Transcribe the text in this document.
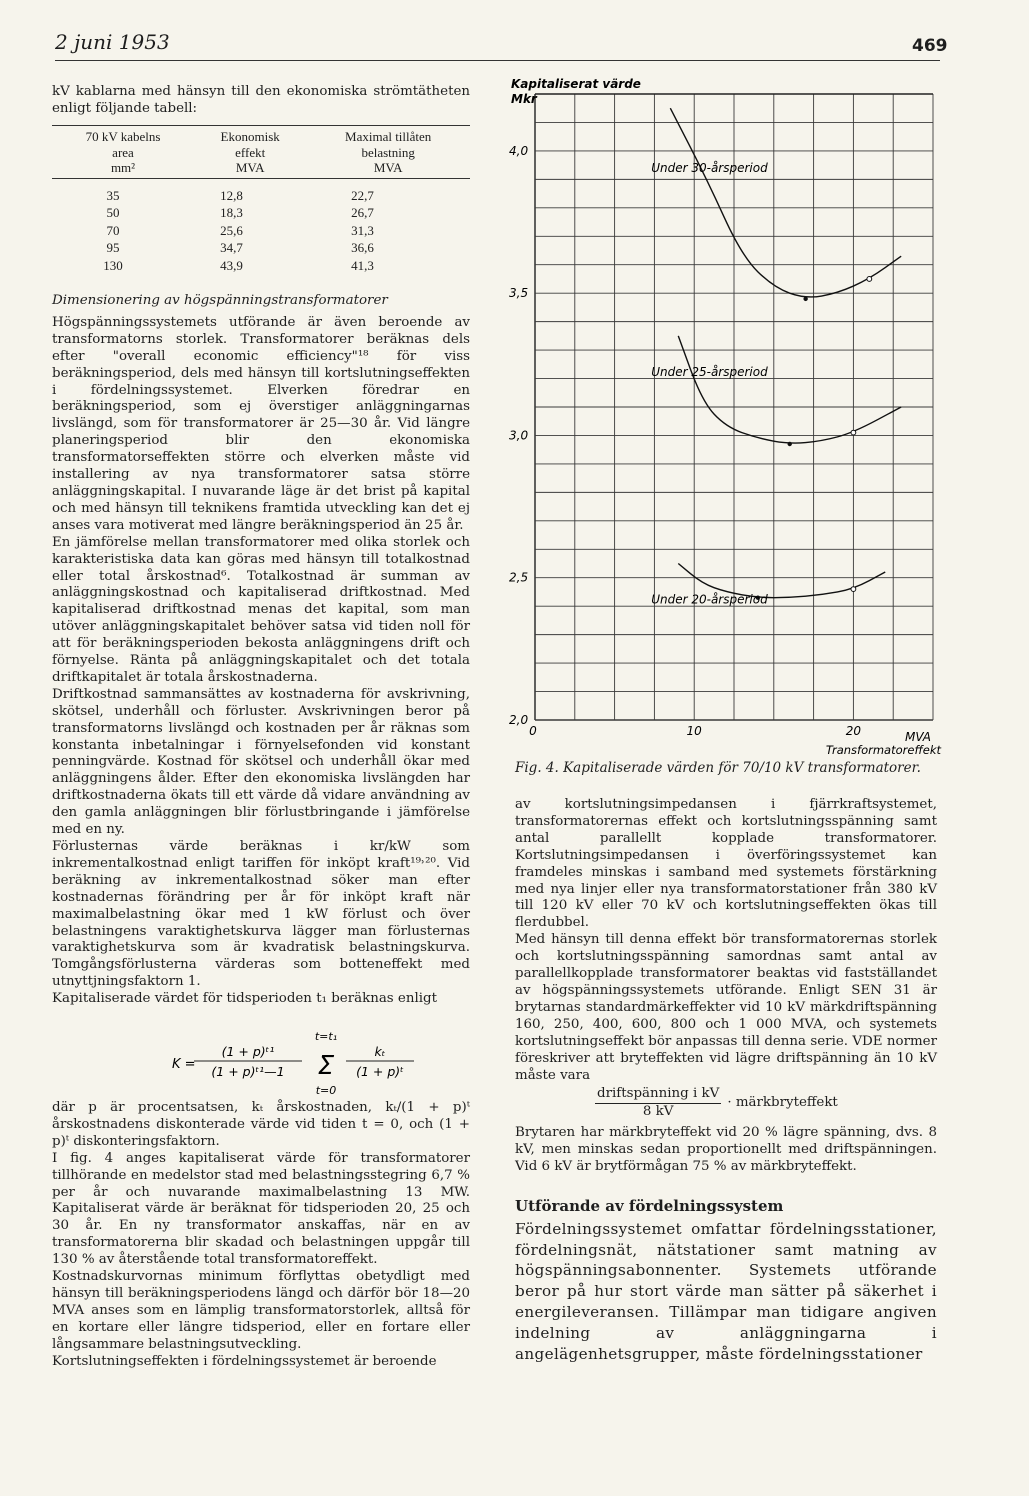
2 juni 1953	469

kV kablarna med hänsyn till den ekonomiska strömtätheten enligt följande tabell:

70 kV kabelns
area
mm²

Ekonomisk
effekt
MVA

Maximal tillåten
belastning
MVA
35	12,8	22,7
50	18,3	26,7
70	25,6	31,3
95	34,7	36,6
130	43,9	41,3

Dimensionering av högspänningstransformatorer

Högspänningssystemets utförande är även beroende av transformatorns storlek. Transformatorer beräknas dels efter "overall economic efficiency"¹⁸ för viss beräkningsperiod, dels med hänsyn till kortslutningseffekten i fördelningssystemet. Elverken föredrar en beräkningsperiod, som ej överstiger anläggningarnas livslängd, som för transformatorer är 25—30 år. Vid längre planeringsperiod blir den ekonomiska transformatorseffekten större och elverken måste vid installering av nya transformatorer satsa större anläggningskapital. I nuvarande läge är det brist på kapital och med hänsyn till teknikens framtida utveckling kan det ej anses vara motiverat med längre beräkningsperiod än 25 år.

En jämförelse mellan transformatorer med olika storlek och karakteristiska data kan göras med hänsyn till totalkostnad eller total årskostnad⁶. Totalkostnad är summan av anläggningskostnad och kapitaliserad driftkostnad. Med kapitaliserad driftkostnad menas det kapital, som man utöver anläggningskapitalet behöver satsa vid tiden noll för att för beräkningsperioden bekosta anläggningens drift och förnyelse. Ränta på anläggningskapitalet och det totala driftkapitalet är totala årskostnaderna.

Driftkostnad sammansättes av kostnaderna för avskrivning, skötsel, underhåll och förluster. Avskrivningen beror på transformatorns livslängd och kostnaden per år räknas som konstanta inbetalningar i förnyelsefonden vid konstant penningvärde. Kostnad för skötsel och underhåll ökar med anläggningens ålder. Efter den ekonomiska livslängden har driftkostnaderna ökats till ett värde då vidare användning av den gamla anläggningen blir förlustbringande i jämförelse med en ny.

Förlusternas värde beräknas i kr/kW som inkrementalkostnad enligt tariffen för inköpt kraft¹⁹˒²⁰. Vid beräkning av inkrementalkostnad söker man efter kostnadernas förändring per år för inköpt kraft när maximalbelastning ökar med 1 kW förlust och över belastningens varaktighetskurva lägger man förlusternas varaktighetskurva som är kvadratisk belastningskurva. Tomgångsförlusterna värderas som botteneffekt med utnyttjningsfaktorn 1.

Kapitaliserade värdet för tidsperioden t₁ beräknas enligt

K =
(1 + p)ᵗ¹
(1 + p)ᵗ¹—1
t=t₁
Σ
t=0
kₜ
(1 + p)ᵗ

där p är procentsatsen, kₜ årskostnaden, kₜ/(1 + p)ᵗ årskostnadens diskonterade värde vid tiden t = 0, och (1 + p)ᵗ diskonteringsfaktorn.

I fig. 4 anges kapitaliserat värde för transformatorer tillhörande en medelstor stad med belastningsstegring 6,7 % per år och nuvarande maximalbelastning 13 MW. Kapitaliserat värde är beräknat för tidsperioden 20, 25 och 30 år. En ny transformator anskaffas, när en av transformatorerna blir skadad och belastningen uppgår till 130 % av återstående total transformatoreffekt.

Kostnadskurvornas minimum förflyttas obetydligt med hänsyn till beräkningsperiodens längd och därför bör 18—20 MVA anses som en lämplig transformatorstorlek, alltså för en kortare eller längre tidsperiod, eller en fortare eller långsammare belastningsutveckling.

Kortslutningseffekten i fördelningssystemet är beroende

2,0
2,5
3,0
3,5
4,0
0	10	20
Under 30-årsperiod
Under 25-årsperiod
Under 20-årsperiod
Kapitaliserat värde
Mkr
MVA
Transformatoreffekt
Fig. 4. Kapitaliserade värden för 70/10 kV transformatorer.

av kortslutningsimpedansen i fjärrkraftsystemet, transformatorernas effekt och kortslutningsspänning samt antal parallellt kopplade transformatorer. Kortslutningsimpedansen i överföringssystemet kan framdeles minskas i samband med systemets förstärkning med nya linjer eller nya transformatorstationer från 380 kV till 120 kV eller 70 kV och kortslutningseffekten ökas till flerdubbel.

Med hänsyn till denna effekt bör transformatorernas storlek och kortslutningsspänning samordnas samt antal av parallellkopplade transformatorer beaktas vid fastställandet av högspänningssystemets utförande. Enligt SEN 31 är brytarnas standardmärkeffekter vid 10 kV märkdriftspänning 160, 250, 400, 600, 800 och 1 000 MVA, och systemets kortslutningseffekt bör anpassas till denna serie. VDE normer föreskriver att bryteffekten vid lägre driftspänning än 10 kV måste vara

driftspänning i kV
8 kV
· märkbryteffekt

Brytaren har märkbryteffekt vid 20 % lägre spänning, dvs. 8 kV, men minskas sedan proportionellt med driftspänningen. Vid 6 kV är brytförmågan 75 % av märkbryteffekt.

Utförande av fördelningssystem

Fördelningssystemet omfattar fördelningsstationer, fördelningsnät, nätstationer samt matning av högspänningsabonnenter. Systemets utförande beror på hur stort värde man sätter på säkerhet i energileveransen. Tillämpar man tidigare angiven indelning av anläggningarna i angelägenhetsgrupper, måste fördelningsstationer
